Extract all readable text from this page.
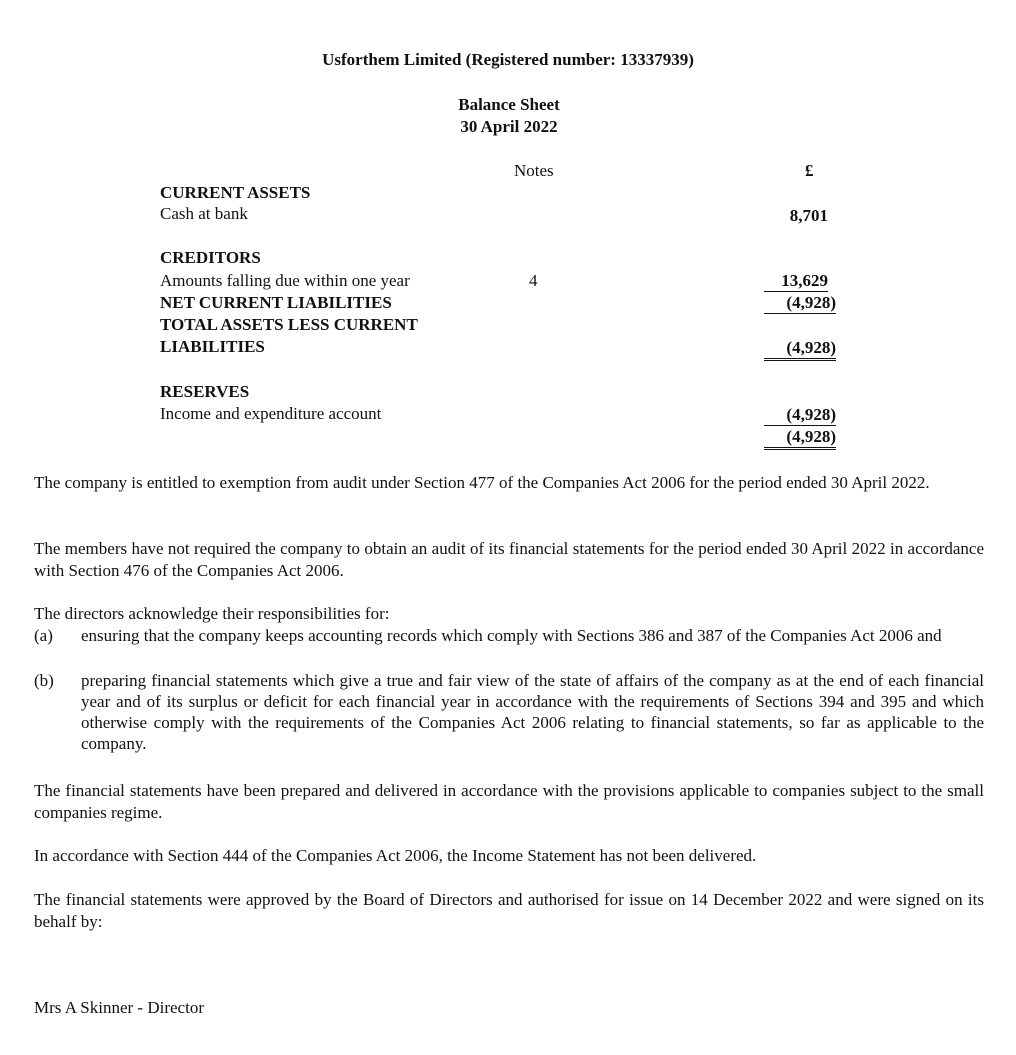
Usforthem Limited (Registered number: 13337939)
Balance Sheet
30 April 2022
Notes	£
CURRENT ASSETS
Cash at bank	8,701
CREDITORS
Amounts falling due within one year	4	13,629
NET CURRENT LIABILITIES	(4,928)
TOTAL ASSETS LESS CURRENT
LIABILITIES	(4,928)
RESERVES
Income and expenditure account	(4,928)
(4,928)
The company is entitled to exemption from audit under Section 477 of the Companies Act 2006 for the period ended 30 April 2022.
The members have not required the company to obtain an audit of its financial statements for the period ended 30 April 2022 in accordance with Section 476 of the Companies Act 2006.
The directors acknowledge their responsibilities for:
(a) ensuring that the company keeps accounting records which comply with Sections 386 and 387 of the Companies Act 2006 and
(b) preparing financial statements which give a true and fair view of the state of affairs of the company as at the end of each financial year and of its surplus or deficit for each financial year in accordance with the requirements of Sections 394 and 395 and which otherwise comply with the requirements of the Companies Act 2006 relating to financial statements, so far as applicable to the company.
The financial statements have been prepared and delivered in accordance with the provisions applicable to companies subject to the small companies regime.
In accordance with Section 444 of the Companies Act 2006, the Income Statement has not been delivered.
The financial statements were approved by the Board of Directors and authorised for issue on 14 December 2022 and were signed on its behalf by:
Mrs A Skinner - Director
